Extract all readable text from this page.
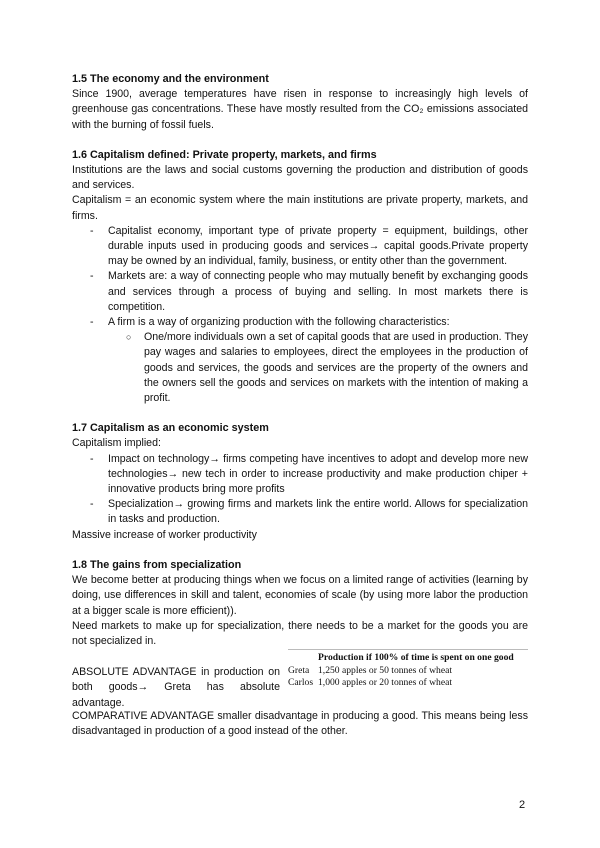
1.5 The economy and the environment

Since 1900, average temperatures have risen in response to increasingly high levels of greenhouse gas concentrations. These have mostly resulted from the CO₂ emissions associated with the burning of fossil fuels.

1.6 Capitalism defined: Private property, markets, and firms

Institutions are the laws and social customs governing the production and distribution of goods and services.

Capitalism = an economic system where the main institutions are private property, markets, and firms.

- Capitalist economy, important type of private property = equipment, buildings, other durable inputs used in producing goods and services→ capital goods.Private property may be owned by an individual, family, business, or entity other than the government.
- Markets are: a way of connecting people who may mutually benefit by exchanging goods and services through a process of buying and selling. In most markets there is competition.
- A firm is a way of organizing production with the following characteristics:
○ One/more individuals own a set of capital goods that are used in production. They pay wages and salaries to employees, direct the employees in the production of goods and services, the goods and services are the property of the owners and the owners sell the goods and services on markets with the intention of making a profit.
1.7 Capitalism as an economic system

Capitalism implied:

- Impact on technology→ firms competing have incentives to adopt and develop more new technologies→ new tech in order to increase productivity and make production chiper + innovative products bring more profits
- Specialization→ growing firms and markets link the entire world. Allows for specialization in tasks and production.

Massive increase of worker productivity

1.8 The gains from specialization

We become better at producing things when we focus on a limited range of activities (learning by doing, use differences in skill and talent, economies of scale (by using more labor the production at a bigger scale is more efficient)).

Need markets to make up for specialization, there needs to be a market for the goods you are not specialized in.

ABSOLUTE ADVANTAGE in production on both goods→ Greta has absolute advantage.

Production if 100% of time is spent on one good
Greta 1,250 apples or 50 tonnes of wheat
Carlos 1,000 apples or 20 tonnes of wheat

COMPARATIVE ADVANTAGE smaller disadvantage in producing a good. This means being less disadvantaged in production of a good instead of the other.

2
